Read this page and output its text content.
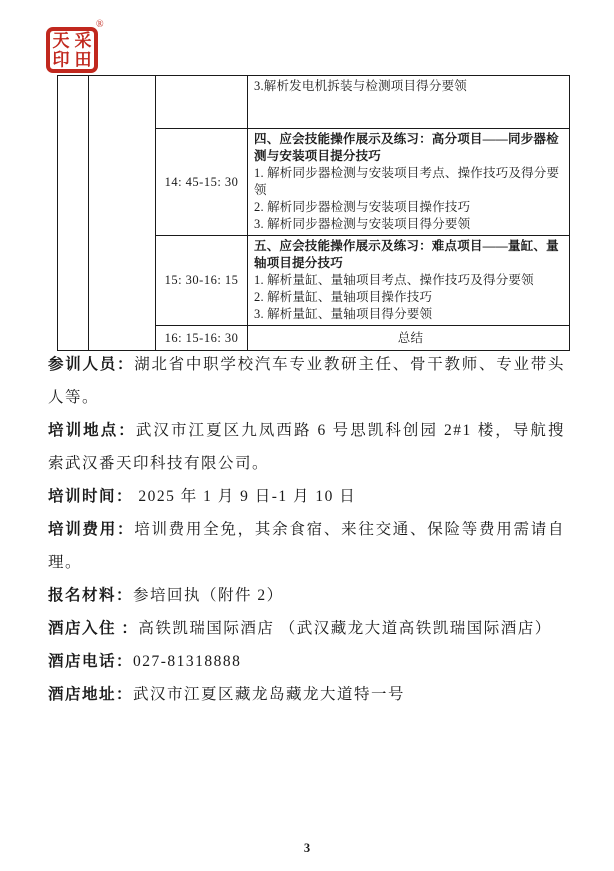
天 采
印 田
®

			3.解析发电机拆装与检测项目得分要领

		14: 45-15: 30	四、应会技能操作展示及练习：高分项目——同步器检测与安装项目提分技巧
1. 解析同步器检测与安装项目考点、操作技巧及得分要领
2. 解析同步器检测与安装项目操作技巧
3. 解析同步器检测与安装项目得分要领

		15: 30-16: 15	五、应会技能操作展示及练习：难点项目——量缸、量轴项目提分技巧
1. 解析量缸、量轴项目考点、操作技巧及得分要领
2. 解析量缸、量轴项目操作技巧
3. 解析量缸、量轴项目得分要领

		16: 15-16: 30	总结

参训人员：湖北省中职学校汽车专业教研主任、骨干教师、专业带头人等。

培训地点：武汉市江夏区九凤西路 6 号思凯科创园 2#1 楼，导航搜索武汉番天印科技有限公司。

培训时间： 2025 年 1 月 9 日-1 月 10 日

培训费用：培训费用全免，其余食宿、来往交通、保险等费用需请自理。

报名材料：参培回执（附件 2）

酒店入住 ：高铁凯瑞国际酒店 （武汉藏龙大道高铁凯瑞国际酒店）

酒店电话：027-81318888

酒店地址：武汉市江夏区藏龙岛藏龙大道特一号

3
